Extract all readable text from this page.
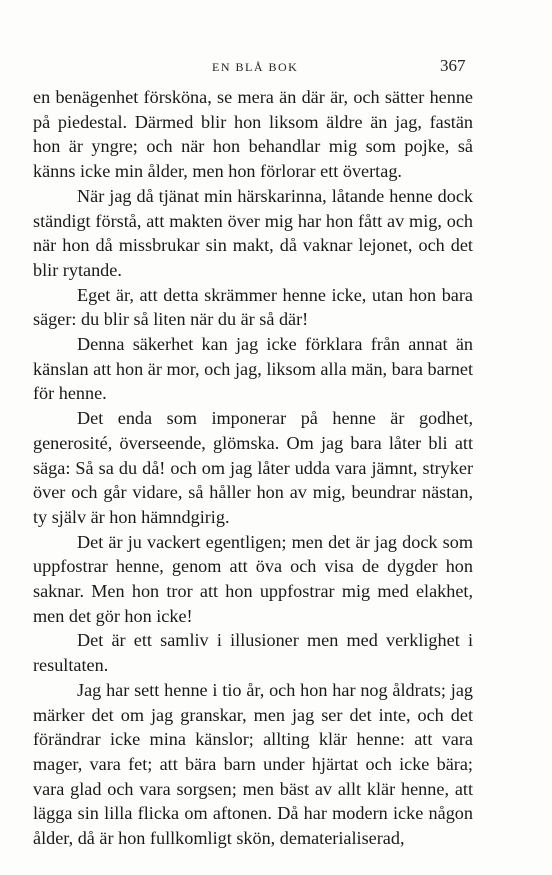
EN BLÅ BOK	367

en benägenhet försköna, se mera än där är, och sätter henne på piedestal. Därmed blir hon liksom äldre än jag, fastän hon är yngre; och när hon behandlar mig som pojke, så känns icke min ålder, men hon förlorar ett övertag.

När jag då tjänat min härskarinna, låtande henne dock ständigt förstå, att makten över mig har hon fått av mig, och när hon då missbrukar sin makt, då vaknar lejonet, och det blir rytande.

Eget är, att detta skrämmer henne icke, utan hon bara säger: du blir så liten när du är så där!

Denna säkerhet kan jag icke förklara från annat än känslan att hon är mor, och jag, liksom alla män, bara barnet för henne.

Det enda som imponerar på henne är godhet, generosité, överseende, glömska. Om jag bara låter bli att säga: Så sa du då! och om jag låter udda vara jämnt, stryker över och går vidare, så håller hon av mig, beundrar nästan, ty själv är hon hämndgirig.

Det är ju vackert egentligen; men det är jag dock som uppfostrar henne, genom att öva och visa de dygder hon saknar. Men hon tror att hon uppfostrar mig med elakhet, men det gör hon icke!

Det är ett samliv i illusioner men med verklighet i resultaten.

Jag har sett henne i tio år, och hon har nog åldrats; jag märker det om jag granskar, men jag ser det inte, och det förändrar icke mina känslor; allting klär henne: att vara mager, vara fet; att bära barn under hjärtat och icke bära; vara glad och vara sorgsen; men bäst av allt klär henne, att lägga sin lilla flicka om aftonen. Då har modern icke någon ålder, då är hon fullkomligt skön, dematerialiserad,
